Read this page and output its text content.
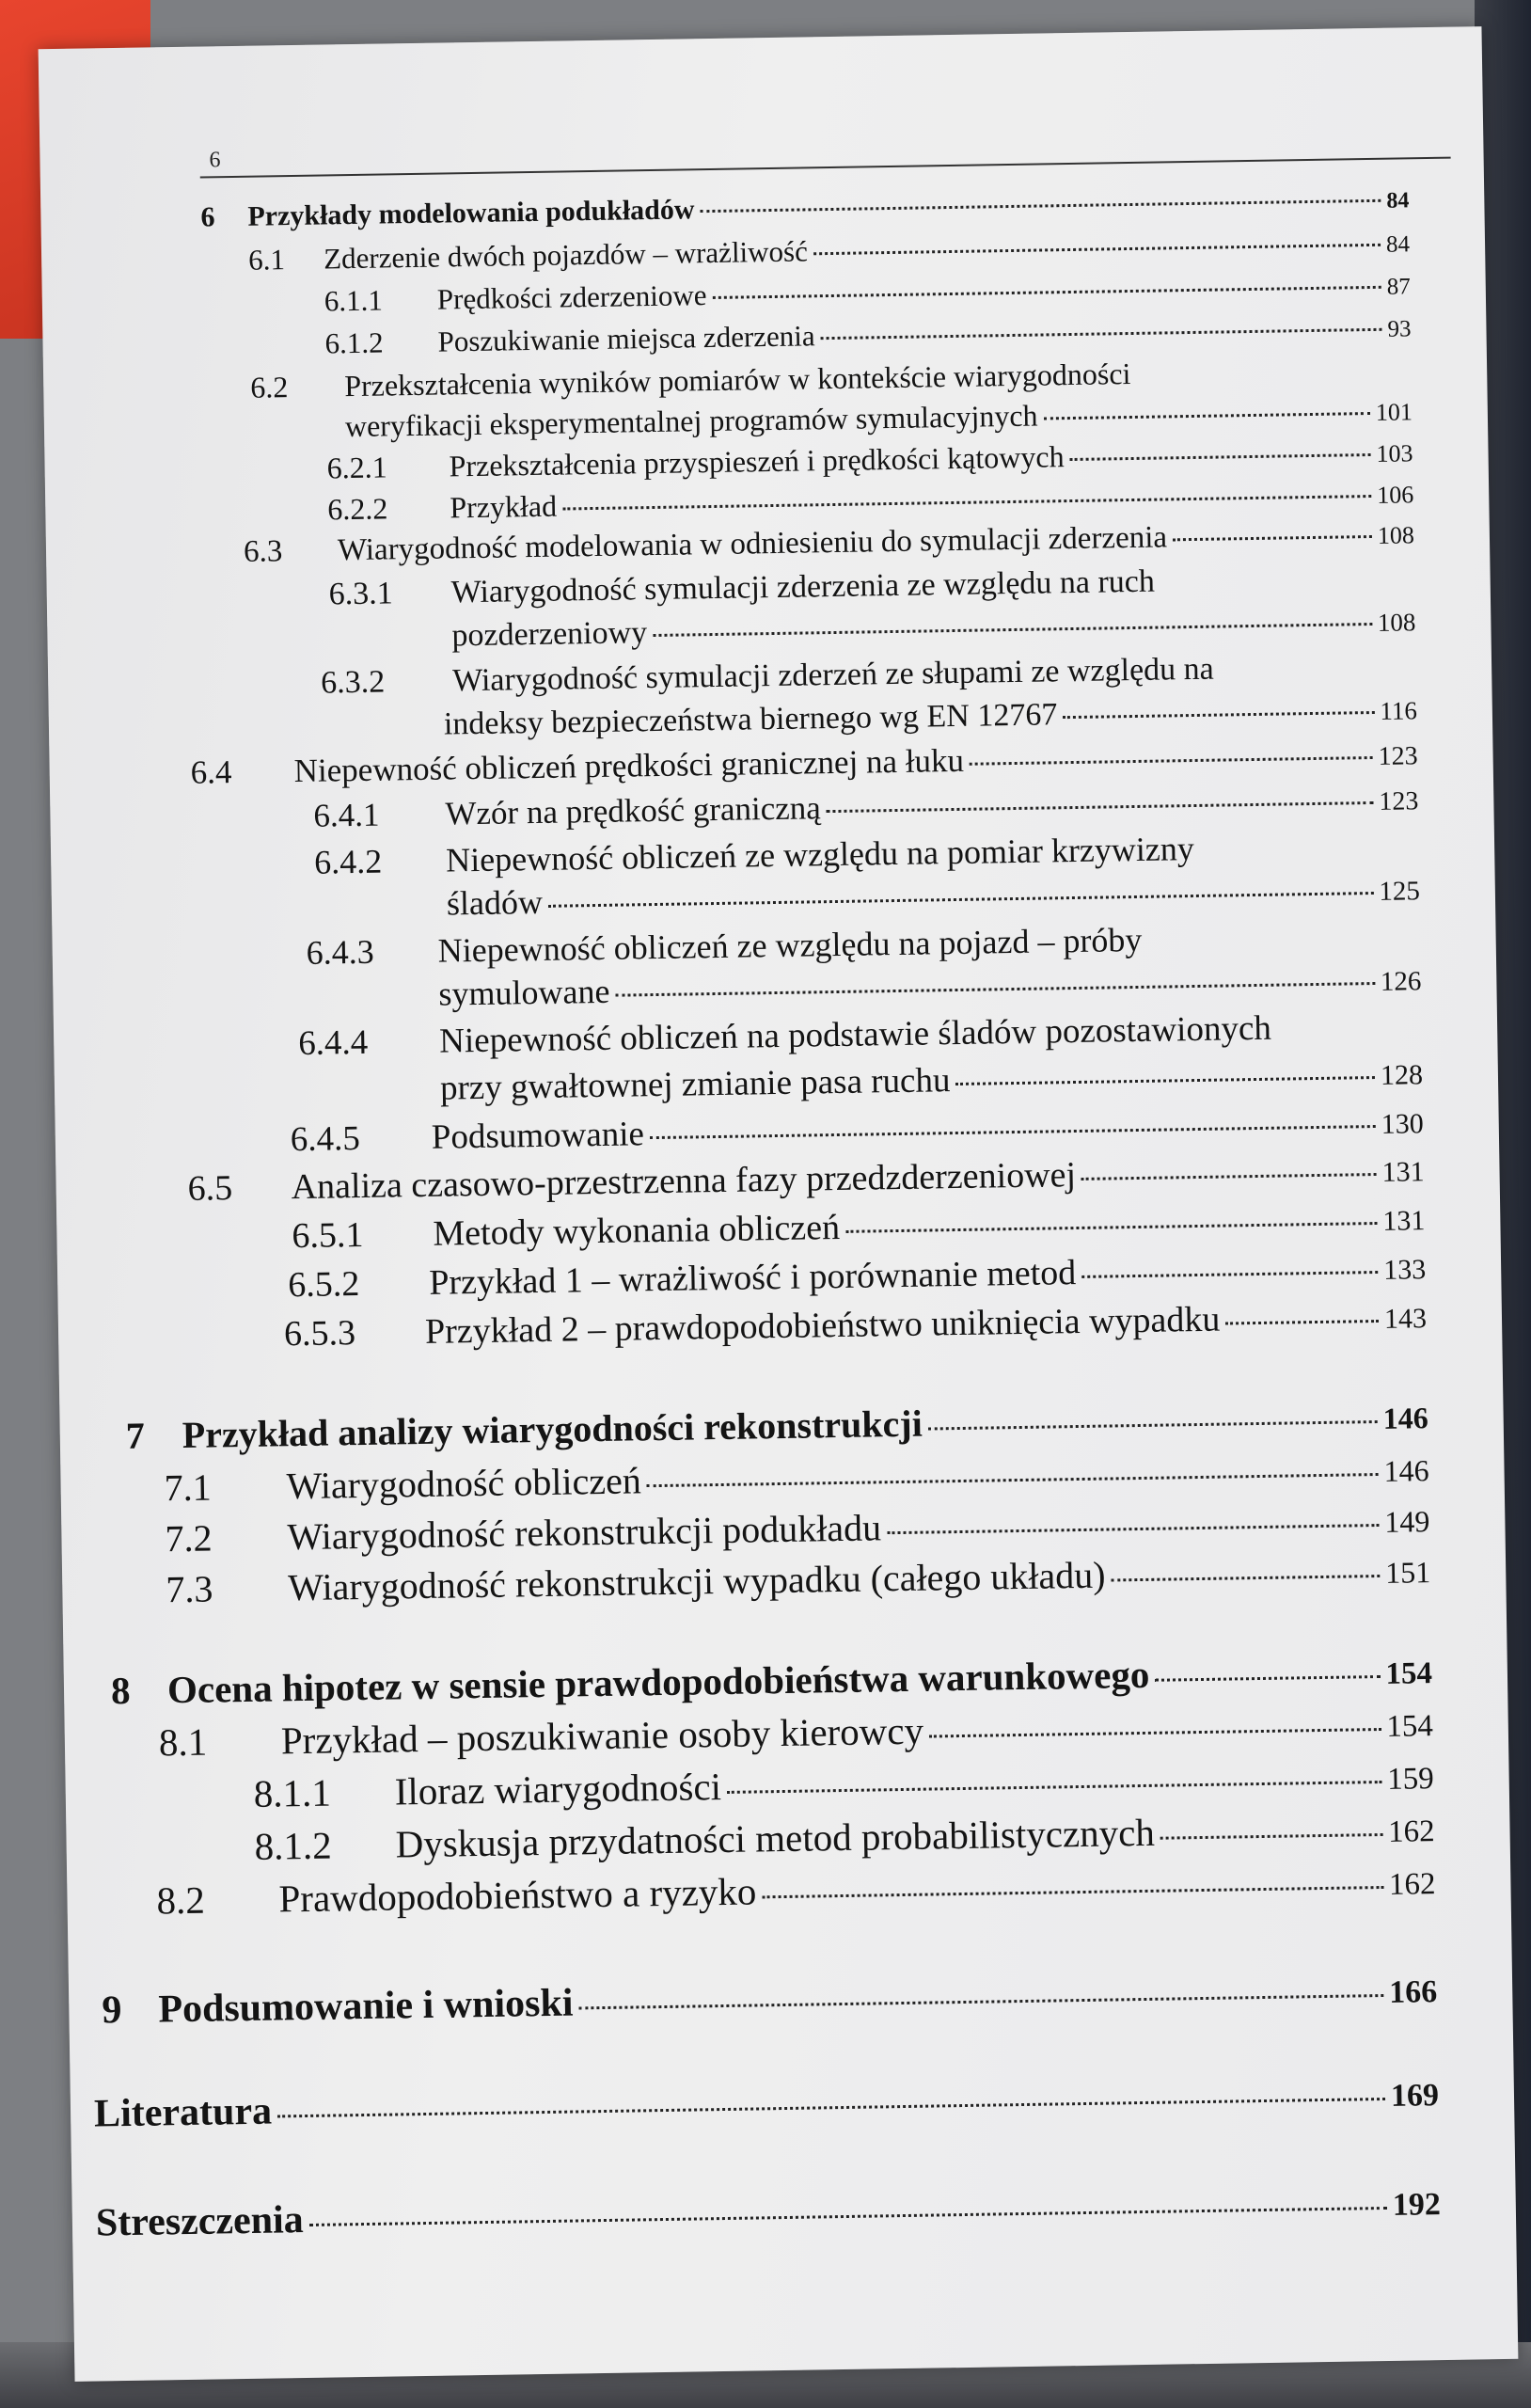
6
6	Przykłady modelowania podukładów	84
6.1	Zderzenie dwóch pojazdów – wrażliwość	84
6.1.1	Prędkości zderzeniowe	87
6.1.2	Poszukiwanie miejsca zderzenia	93
6.2	Przekształcenia wyników pomiarów w kontekście wiarygodności
weryfikacji eksperymentalnej programów symulacyjnych	101
6.2.1	Przekształcenia przyspieszeń i prędkości kątowych	103
6.2.2	Przykład	106
6.3	Wiarygodność modelowania w odniesieniu do symulacji zderzenia	108
6.3.1	Wiarygodność symulacji zderzenia ze względu na ruch
pozderzeniowy	108
6.3.2	Wiarygodność symulacji zderzeń ze słupami ze względu na
indeksy bezpieczeństwa biernego wg EN 12767	116
6.4	Niepewność obliczeń prędkości granicznej na łuku	123
6.4.1	Wzór na prędkość graniczną	123
6.4.2	Niepewność obliczeń ze względu na pomiar krzywizny
śladów	125
6.4.3	Niepewność obliczeń ze względu na pojazd – próby
symulowane	126
6.4.4	Niepewność obliczeń na podstawie śladów pozostawionych
przy gwałtownej zmianie pasa ruchu	128
6.4.5	Podsumowanie	130
6.5	Analiza czasowo-przestrzenna fazy przedzderzeniowej	131
6.5.1	Metody wykonania obliczeń	131
6.5.2	Przykład 1 – wrażliwość i porównanie metod	133
6.5.3	Przykład 2 – prawdopodobieństwo uniknięcia wypadku	143
7 Przykład analizy wiarygodności rekonstrukcji	146
7.1	Wiarygodność obliczeń	146
7.2	Wiarygodność rekonstrukcji podukładu	149
7.3	Wiarygodność rekonstrukcji wypadku (całego układu)	151
8 Ocena hipotez w sensie prawdopodobieństwa warunkowego	154
8.1	Przykład – poszukiwanie osoby kierowcy	154
8.1.1	Iloraz wiarygodności	159
8.1.2	Dyskusja przydatności metod probabilistycznych	162
8.2	Prawdopodobieństwo a ryzyko	162
9 Podsumowanie i wnioski	166
Literatura	169
Streszczenia	192
